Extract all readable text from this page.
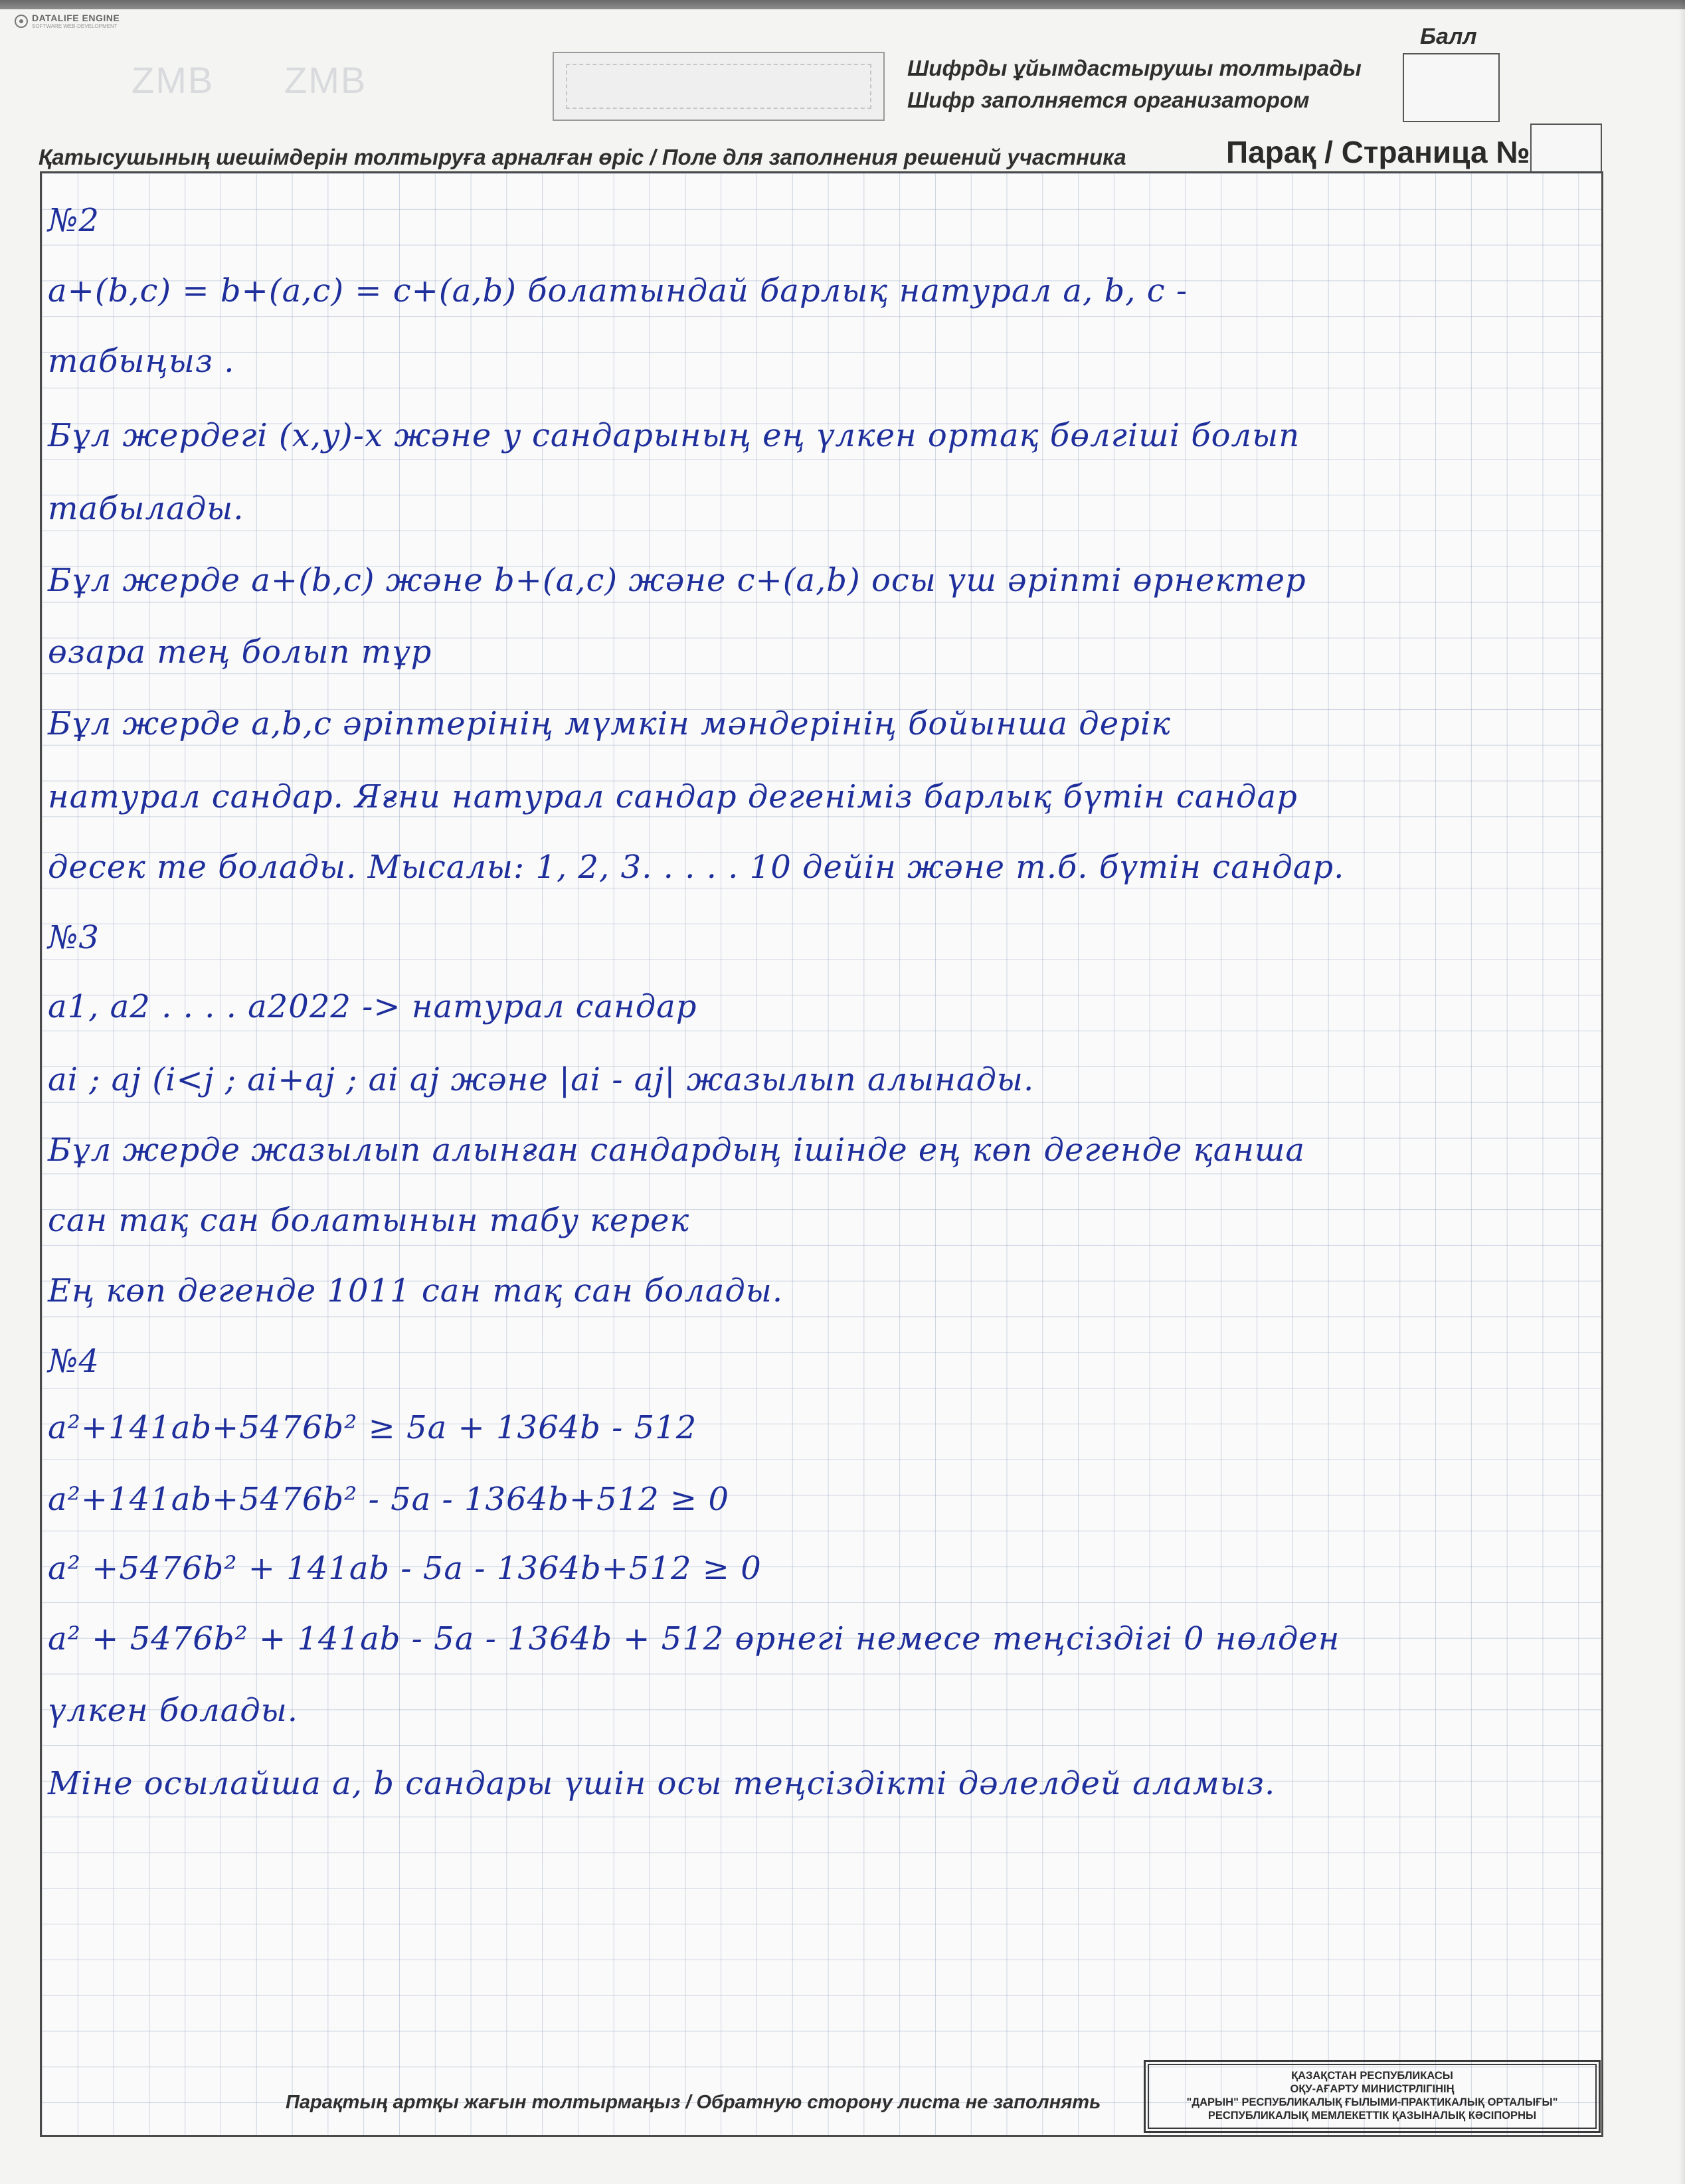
DATALIFE ENGINE
SOFTWARE WEB-DEVELOPMENT
ZMB ZMB	Шифрды ұйымдастырушы толтырады
Шифр заполняется организатором
Балл
Қатысушының шешімдерін толтыруға арналған өріс / Поле для заполнения решений участника	Парақ / Страница №
№2
a+(b,c) = b+(a,c) = c+(a,b) болатындай барлық натурал a, b, c -
табыңыз .
Бұл жердегі (x,y)-x және y сандарының ең үлкен ортақ бөлгіші болып
табылады.
Бұл жерде a+(b,c) және b+(a,c) және c+(a,b) осы үш әріпті өрнектер
өзара тең болып тұр
Бұл жерде a,b,c әріптерінің мүмкін мәндерінің бойынша дерік
натурал сандар. Яғни натурал сандар дегеніміз барлық бүтін сандар
десек те болады. Мысалы: 1, 2, 3. . . . . 10 дейін және т.б. бүтін сандар.
№3
a1, a2 . . . . a2022 -> натурал сандар
ai ; aj (i<j ; ai+aj ; ai aj және |ai - aj| жазылып алынады.
Бұл жерде жазылып алынған сандардың ішінде ең көп дегенде қанша
сан тақ сан болатынын табу керек
Ең көп дегенде 1011 сан тақ сан болады.
№4
a²+141ab+5476b² ≥ 5a + 1364b - 512
a²+141ab+5476b² - 5a - 1364b+512 ≥ 0
a² +5476b² + 141ab - 5a - 1364b+512 ≥ 0
a² + 5476b² + 141ab - 5a - 1364b + 512 өрнегі немесе теңсіздігі 0 нөлден
үлкен болады.
Міне осылайша a, b сандары үшін осы теңсіздікті дәлелдей аламыз.
Парақтың артқы жағын толтырмаңыз / Обратную сторону листа не заполнять
ҚАЗАҚСТАН РЕСПУБЛИКАСЫ
ОҚУ-АҒАРТУ МИНИСТРЛІГІНІҢ
"ДАРЫН" РЕСПУБЛИКАЛЫҚ ҒЫЛЫМИ-ПРАКТИКАЛЫҚ ОРТАЛЫҒЫ"
РЕСПУБЛИКАЛЫҚ МЕМЛЕКЕТТІК ҚАЗЫНАЛЫҚ КӘСІПОРНЫ
